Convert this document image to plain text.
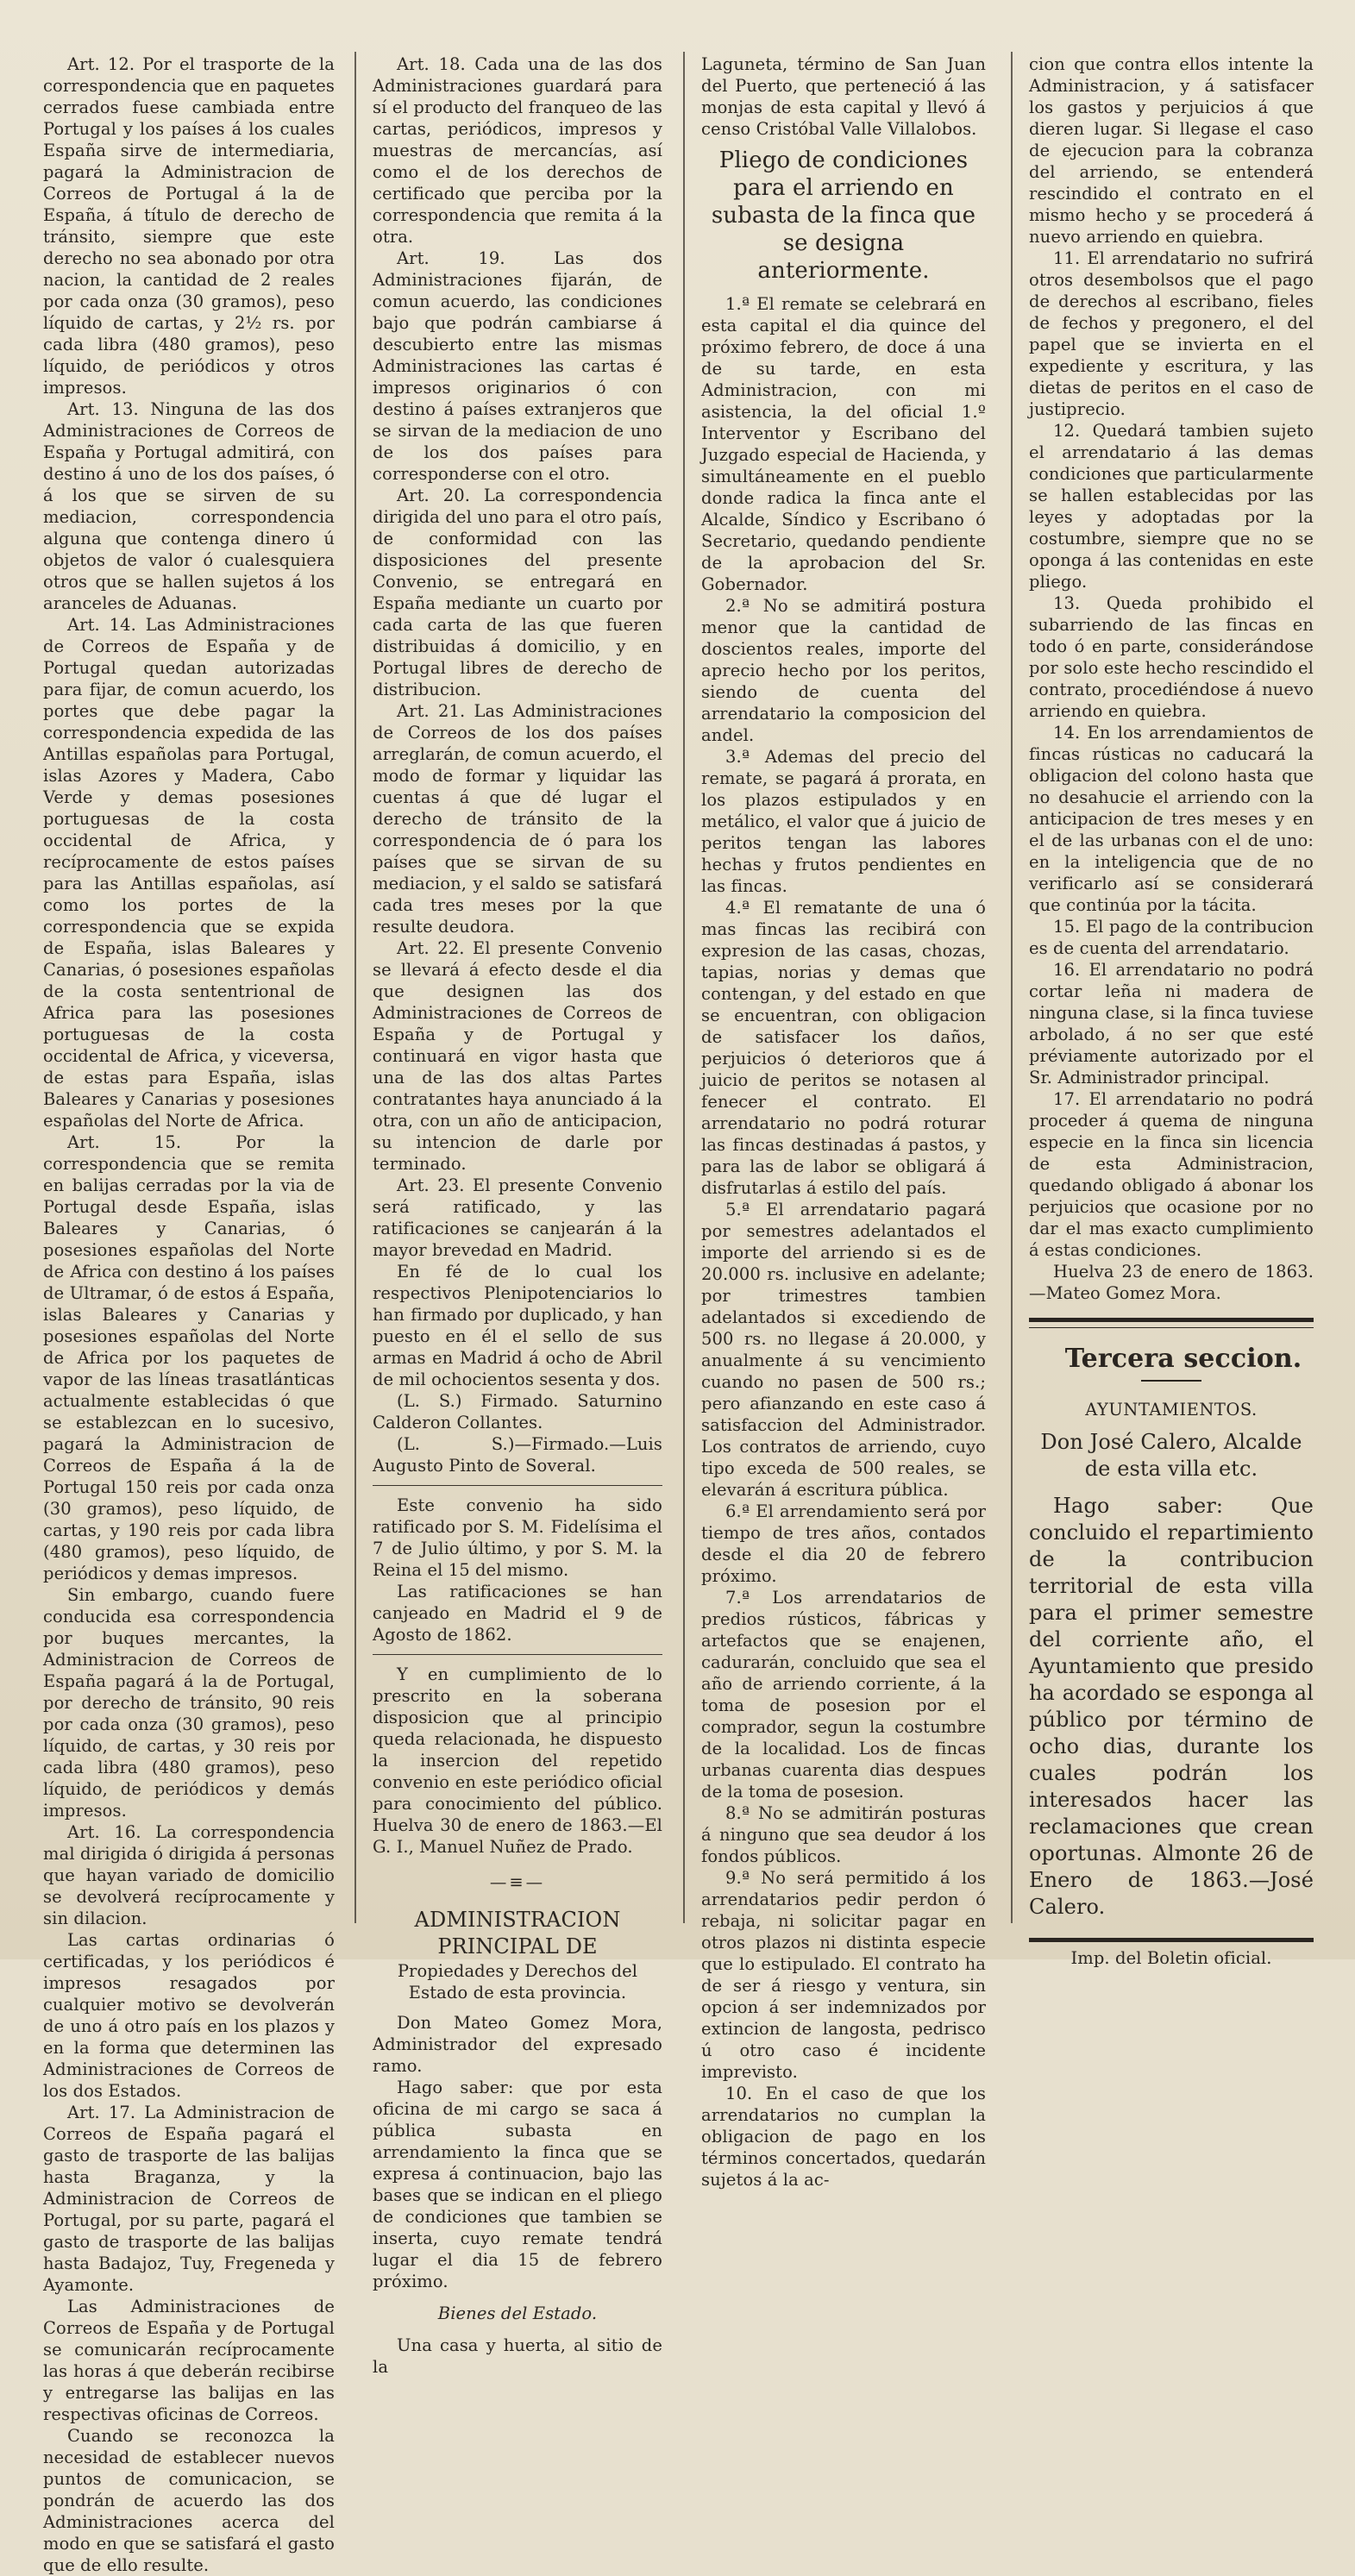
Art. 12. Por el trasporte de la correspondencia que en paquetes cerrados fuese cambiada entre Portugal y los países á los cuales España sirve de intermediaria, pagará la Administracion de Correos de Portugal á la de España, á título de derecho de tránsito, siempre que este derecho no sea abonado por otra nacion, la cantidad de 2 reales por cada onza (30 gramos), peso líquido de cartas, y 2½ rs. por cada libra (480 gramos), peso líquido, de periódicos y otros impresos.

Art. 13. Ninguna de las dos Administraciones de Correos de España y Portugal admitirá, con destino á uno de los dos países, ó á los que se sirven de su mediacion, correspondencia alguna que contenga dinero ú objetos de valor ó cualesquiera otros que se hallen sujetos á los aranceles de Aduanas.

Art. 14. Las Administraciones de Correos de España y de Portugal quedan autorizadas para fijar, de comun acuerdo, los portes que debe pagar la correspondencia expedida de las Antillas españolas para Portugal, islas Azores y Madera, Cabo Verde y demas posesiones portuguesas de la costa occidental de Africa, y recíprocamente de estos países para las Antillas españolas, así como los portes de la correspondencia que se expida de España, islas Baleares y Canarias, ó posesiones españolas de la costa sententrional de Africa para las posesiones portuguesas de la costa occidental de Africa, y viceversa, de estas para España, islas Baleares y Canarias y posesiones españolas del Norte de Africa.

Art. 15. Por la correspondencia que se remita en balijas cerradas por la via de Portugal desde España, islas Baleares y Canarias, ó posesiones españolas del Norte de Africa con destino á los países de Ultramar, ó de estos á España, islas Baleares y Canarias y posesiones españolas del Norte de Africa por los paquetes de vapor de las líneas trasatlánticas actualmente establecidas ó que se establezcan en lo sucesivo, pagará la Administracion de Correos de España á la de Portugal 150 reis por cada onza (30 gramos), peso líquido, de cartas, y 190 reis por cada libra (480 gramos), peso líquido, de periódicos y demas impresos.

Sin embargo, cuando fuere conducida esa correspondencia por buques mercantes, la Administracion de Correos de España pagará á la de Portugal, por derecho de tránsito, 90 reis por cada onza (30 gramos), peso líquido, de cartas, y 30 reis por cada libra (480 gramos), peso líquido, de periódicos y demás impresos.

Art. 16. La correspondencia mal dirigida ó dirigida á personas que hayan variado de domicilio se devolverá recíprocamente y sin dilacion.

Las cartas ordinarias ó certificadas, y los periódicos é impresos resagados por cualquier motivo se devolverán de uno á otro país en los plazos y en la forma que determinen las Administraciones de Correos de los dos Estados.

Art. 17. La Administracion de Correos de España pagará el gasto de trasporte de las balijas hasta Braganza, y la Administracion de Correos de Portugal, por su parte, pagará el gasto de trasporte de las balijas hasta Badajoz, Tuy, Fregeneda y Ayamonte.

Las Administraciones de Correos de España y de Portugal se comunicarán recíprocamente las horas á que deberán recibirse y entregarse las balijas en las respectivas oficinas de Correos.

Cuando se reconozca la necesidad de establecer nuevos puntos de comunicacion, se pondrán de acuerdo las dos Administraciones acerca del modo en que se satisfará el gasto que de ello resulte.

Art. 18. Cada una de las dos Administraciones guardará para sí el producto del franqueo de las cartas, periódicos, impresos y muestras de mercancías, así como el de los derechos de certificado que perciba por la correspondencia que remita á la otra.

Art. 19. Las dos Administraciones fijarán, de comun acuerdo, las condiciones bajo que podrán cambiarse á descubierto entre las mismas Administraciones las cartas é impresos originarios ó con destino á países extranjeros que se sirvan de la mediacion de uno de los dos países para corresponderse con el otro.

Art. 20. La correspondencia dirigida del uno para el otro país, de conformidad con las disposiciones del presente Convenio, se entregará en España mediante un cuarto por cada carta de las que fueren distribuidas á domicilio, y en Portugal libres de derecho de distribucion.

Art. 21. Las Administraciones de Correos de los dos países arreglarán, de comun acuerdo, el modo de formar y liquidar las cuentas á que dé lugar el derecho de tránsito de la correspondencia de ó para los países que se sirvan de su mediacion, y el saldo se satisfará cada tres meses por la que resulte deudora.

Art. 22. El presente Convenio se llevará á efecto desde el dia que designen las dos Administraciones de Correos de España y de Portugal y continuará en vigor hasta que una de las dos altas Partes contratantes haya anunciado á la otra, con un año de anticipacion, su intencion de darle por terminado.

Art. 23. El presente Convenio será ratificado, y las ratificaciones se canjearán á la mayor brevedad en Madrid.

En fé de lo cual los respectivos Plenipotenciarios lo han firmado por duplicado, y han puesto en él el sello de sus armas en Madrid á ocho de Abril de mil ochocientos sesenta y dos.

(L. S.) Firmado. Saturnino Calderon Collantes.

(L. S.)—Firmado.—Luis Augusto Pinto de Soveral.

Este convenio ha sido ratificado por S. M. Fidelísima el 7 de Julio último, y por S. M. la Reina el 15 del mismo.

Las ratificaciones se han canjeado en Madrid el 9 de Agosto de 1862.

Y en cumplimiento de lo prescrito en la soberana disposicion que al principio queda relacionada, he dispuesto la insercion del repetido convenio en este periódico oficial para conocimiento del público. Huelva 30 de enero de 1863.—El G. I., Manuel Nuñez de Prado.

—≡—

ADMINISTRACION PRINCIPAL DE

Propiedades y Derechos del Estado de esta provincia.

Don Mateo Gomez Mora, Administrador del expresado ramo.

Hago saber: que por esta oficina de mi cargo se saca á pública subasta en arrendamiento la finca que se expresa á continuacion, bajo las bases que se indican en el pliego de condiciones que tambien se inserta, cuyo remate tendrá lugar el dia 15 de febrero próximo.

Bienes del Estado.

Una casa y huerta, al sitio de la

Laguneta, término de San Juan del Puerto, que perteneció á las monjas de esta capital y llevó á censo Cristóbal Valle Villalobos.

Pliego de condiciones para el arriendo en subasta de la finca que se designa anteriormente.

1.ª El remate se celebrará en esta capital el dia quince del próximo febrero, de doce á una de su tarde, en esta Administracion, con mi asistencia, la del oficial 1.º Interventor y Escribano del Juzgado especial de Hacienda, y simultáneamente en el pueblo donde radica la finca ante el Alcalde, Síndico y Escribano ó Secretario, quedando pendiente de la aprobacion del Sr. Gobernador.

2.ª No se admitirá postura menor que la cantidad de doscientos reales, importe del aprecio hecho por los peritos, siendo de cuenta del arrendatario la composicion del andel.

3.ª Ademas del precio del remate, se pagará á prorata, en los plazos estipulados y en metálico, el valor que á juicio de peritos tengan las labores hechas y frutos pendientes en las fincas.

4.ª El rematante de una ó mas fincas las recibirá con expresion de las casas, chozas, tapias, norias y demas que contengan, y del estado en que se encuentran, con obligacion de satisfacer los daños, perjuicios ó deterioros que á juicio de peritos se notasen al fenecer el contrato. El arrendatario no podrá roturar las fincas destinadas á pastos, y para las de labor se obligará á disfrutarlas á estilo del país.

5.ª El arrendatario pagará por semestres adelantados el importe del arriendo si es de 20.000 rs. inclusive en adelante; por trimestres tambien adelantados si excediendo de 500 rs. no llegase á 20.000, y anualmente á su vencimiento cuando no pasen de 500 rs.; pero afianzando en este caso á satisfaccion del Administrador. Los contratos de arriendo, cuyo tipo exceda de 500 reales, se elevarán á escritura pública.

6.ª El arrendamiento será por tiempo de tres años, contados desde el dia 20 de febrero próximo.

7.ª Los arrendatarios de predios rústicos, fábricas y artefactos que se enajenen, cadurarán, concluido que sea el año de arriendo corriente, á la toma de posesion por el comprador, segun la costumbre de la localidad. Los de fincas urbanas cuarenta dias despues de la toma de posesion.

8.ª No se admitirán posturas á ninguno que sea deudor á los fondos públicos.

9.ª No será permitido á los arrendatarios pedir perdon ó rebaja, ni solicitar pagar en otros plazos ni distinta especie que lo estipulado. El contrato ha de ser á riesgo y ventura, sin opcion á ser indemnizados por extincion de langosta, pedrisco ú otro caso é incidente imprevisto.

10. En el caso de que los arrendatarios no cumplan la obligacion de pago en los términos concertados, quedarán sujetos á la ac-

cion que contra ellos intente la Administracion, y á satisfacer los gastos y perjuicios á que dieren lugar. Si llegase el caso de ejecucion para la cobranza del arriendo, se entenderá rescindido el contrato en el mismo hecho y se procederá á nuevo arriendo en quiebra.

11. El arrendatario no sufrirá otros desembolsos que el pago de derechos al escribano, fieles de fechos y pregonero, el del papel que se invierta en el expediente y escritura, y las dietas de peritos en el caso de justiprecio.

12. Quedará tambien sujeto el arrendatario á las demas condiciones que particularmente se hallen establecidas por las leyes y adoptadas por la costumbre, siempre que no se oponga á las contenidas en este pliego.

13. Queda prohibido el subarriendo de las fincas en todo ó en parte, considerándose por solo este hecho rescindido el contrato, procediéndose á nuevo arriendo en quiebra.

14. En los arrendamientos de fincas rústicas no caducará la obligacion del colono hasta que no desahucie el arriendo con la anticipacion de tres meses y en el de las urbanas con el de uno: en la inteligencia que de no verificarlo así se considerará que continúa por la tácita.

15. El pago de la contribucion es de cuenta del arrendatario.

16. El arrendatario no podrá cortar leña ni madera de ninguna clase, si la finca tuviese arbolado, á no ser que esté préviamente autorizado por el Sr. Administrador principal.

17. El arrendatario no podrá proceder á quema de ninguna especie en la finca sin licencia de esta Administracion, quedando obligado á abonar los perjuicios que ocasione por no dar el mas exacto cumplimiento á estas condiciones.

Huelva 23 de enero de 1863.—Mateo Gomez Mora.

Tercera seccion.

AYUNTAMIENTOS.

Don José Calero, Alcalde de esta villa etc.

Hago saber: Que concluido el repartimiento de la contribucion territorial de esta villa para el primer semestre del corriente año, el Ayuntamiento que presido ha acordado se esponga al público por término de ocho dias, durante los cuales podrán los interesados hacer las reclamaciones que crean oportunas. Almonte 26 de Enero de 1863.—José Calero.

Imp. del Boletin oficial.
